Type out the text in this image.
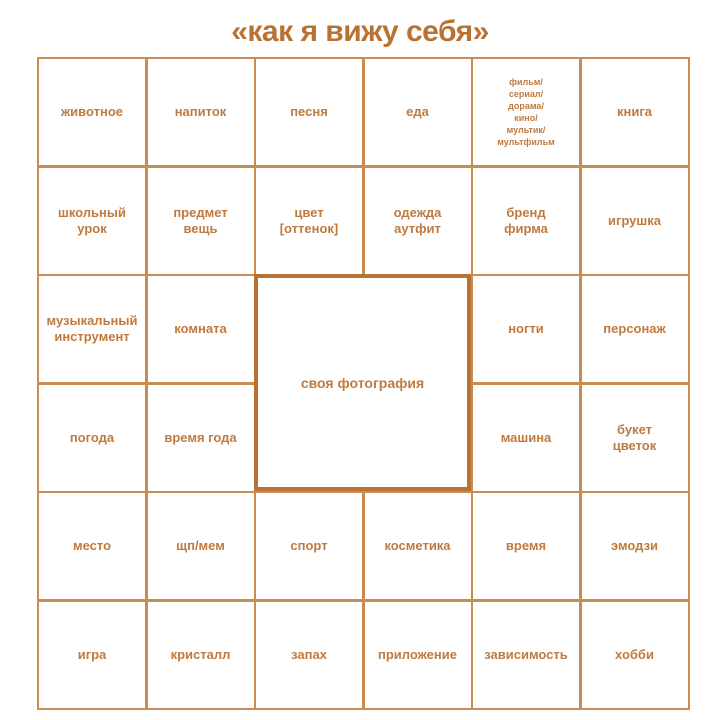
«как я вижу себя»
хобби
зависимость
приложение
запах
кристалл
игра
эмодзи
время
косметика
спорт
щп/мем
место
букет
цветок
машина
время года
погода
персонаж
ногти
комната
музыкальный
инструмент
игрушка
бренд
фирма
одежда
аутфит
цвет
[оттенок]
предмет
вещь
школьный
урок
книга
фильм/
сериал/
дорама/
кино/
мультик/
мультфильм
еда
песня
напиток
животное
своя фотография
